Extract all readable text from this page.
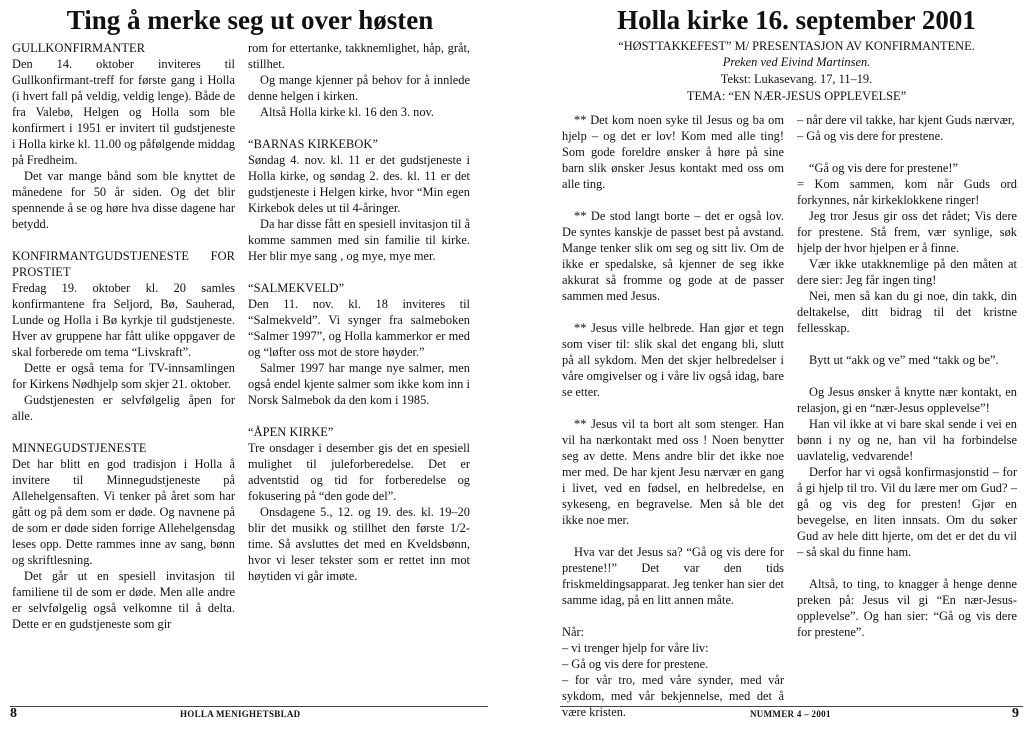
Ting å merke seg ut over høsten

GULLKONFIRMANTER

Den 14. oktober inviteres til Gullkonfirmant-treff for første gang i Holla (i hvert fall på veldig, veldig lenge). Både de fra Valebø, Helgen og Holla som ble konfirmert i 1951 er invitert til gudstjeneste i Holla kirke kl. 11.00 og påfølgende middag på Fredheim.

Det var mange bånd som ble knyttet de månedene for 50 år siden. Og det blir spennende å se og høre hva disse dagene har betydd.

KONFIRMANTGUDSTJENESTE FOR PROSTIET

Fredag 19. oktober kl. 20 samles konfirmantene fra Seljord, Bø, Sauherad, Lunde og Holla i Bø kyrkje til gudstjeneste. Hver av gruppene har fått ulike oppgaver de skal forberede om tema “Livskraft”.

Dette er også tema for TV-innsamlingen for Kirkens Nødhjelp som skjer 21. oktober.

Gudstjenesten er selvfølgelig åpen for alle.

MINNEGUDSTJENESTE

Det har blitt en god tradisjon i Holla å invitere til Minnegudstjeneste på Allehelgensaften. Vi tenker på året som har gått og på dem som er døde. Og navnene på de som er døde siden forrige Allehelgensdag leses opp. Dette rammes inne av sang, bønn og skriftlesning.

Det går ut en spesiell invitasjon til familiene til de som er døde. Men alle andre er selvfølgelig også velkomne til å delta. Dette er en gudstjeneste som gir

rom for ettertanke, takknemlighet, håp, gråt, stillhet.

Og mange kjenner på behov for å innlede denne helgen i kirken.

Altså Holla kirke kl. 16 den 3. nov.

“BARNAS KIRKEBOK”

Søndag 4. nov. kl. 11 er det gudstjeneste i Holla kirke, og søndag 2. des. kl. 11 er det gudstjeneste i Helgen kirke, hvor “Min egen Kirkebok deles ut til 4-åringer.

Da har disse fått en spesiell invitasjon til å komme sammen med sin familie til kirke. Her blir mye sang , og mye, mye mer.

“SALMEKVELD”

Den 11. nov. kl. 18 inviteres til “Salmekveld”. Vi synger fra salmeboken “Salmer 1997”, og Holla kammerkor er med og “løfter oss mot de store høyder.”

Salmer 1997 har mange nye salmer, men også endel kjente salmer som ikke kom inn i Norsk Salmebok da den kom i 1985.

“ÅPEN KIRKE”

Tre onsdager i desember gis det en spesiell mulighet til juleforberedelse. Det er adventstid og tid for forberedelse og fokusering på “den gode del”.

Onsdagene 5., 12. og 19. des. kl. 19–20 blir det musikk og stillhet den første 1/2-time. Så avsluttes det med en Kveldsbønn, hvor vi leser tekster som er rettet inn mot høytiden vi går imøte.

8	HOLLA MENIGHETSBLAD
Holla kirke 16. september 2001
“HØSTTAKKEFEST” M/ PRESENTASJON AV KONFIRMANTENE.
Preken ved Eivind Martinsen.
Tekst: Lukasevang. 17, 11–19.
TEMA: “EN NÆR-JESUS OPPLEVELSE”

** Det kom noen syke til Jesus og ba om hjelp – og det er lov! Kom med alle ting! Som gode foreldre ønsker å høre på sine barn slik ønsker Jesus kontakt med oss om alle ting.

** De stod langt borte – det er også lov. De syntes kanskje de passet best på avstand. Mange tenker slik om seg og sitt liv. Om de ikke er spedalske, så kjenner de seg ikke akkurat så fromme og gode at de passer sammen med Jesus.

** Jesus ville helbrede. Han gjør et tegn som viser til: slik skal det engang bli, slutt på all sykdom. Men det skjer helbredelser i våre omgivelser og i våre liv også idag, bare se etter.

** Jesus vil ta bort alt som stenger. Han vil ha nærkontakt med oss ! Noen benytter seg av dette. Mens andre blir det ikke noe mer med. De har kjent Jesu nærvær en gang i livet, ved en fødsel, en helbredelse, en sykeseng, en begravelse. Men så ble det ikke noe mer.

Hva var det Jesus sa? “Gå og vis dere for prestene!!” Det var den tids friskmeldingsapparat. Jeg tenker han sier det samme idag, på en litt annen måte.

Når:

– vi trenger hjelp for våre liv:

– Gå og vis dere for prestene.

– for vår tro, med våre synder, med vår sykdom, med vår bekjennelse, med det å være kristen.

– når dere vil takke, har kjent Guds nærvær,

– Gå og vis dere for prestene.

“Gå og vis dere for prestene!”

= Kom sammen, kom når Guds ord forkynnes, når kirkeklokkene ringer!

Jeg tror Jesus gir oss det rådet; Vis dere for prestene. Stå frem, vær synlige, søk hjelp der hvor hjelpen er å finne.

Vær ikke utakknemlige på den måten at dere sier: Jeg får ingen ting!

Nei, men så kan du gi noe, din takk, din deltakelse, ditt bidrag til det kristne fellesskap.

Bytt ut “akk og ve” med “takk og be”.

Og Jesus ønsker å knytte nær kontakt, en relasjon, gi en “nær-Jesus opplevelse”!

Han vil ikke at vi bare skal sende i vei en bønn i ny og ne, han vil ha forbindelse uavlatelig, vedvarende!

Derfor har vi også konfirmasjonstid – for å gi hjelp til tro. Vil du lære mer om Gud? – gå og vis deg for presten! Gjør en bevegelse, en liten innsats. Om du søker Gud av hele ditt hjerte, om det er det du vil – så skal du finne ham.

Altså, to ting, to knagger å henge denne preken på: Jesus vil gi “En nær-Jesus-opplevelse”. Og han sier: “Gå og vis dere for prestene”.

NUMMER 4 – 2001	9
